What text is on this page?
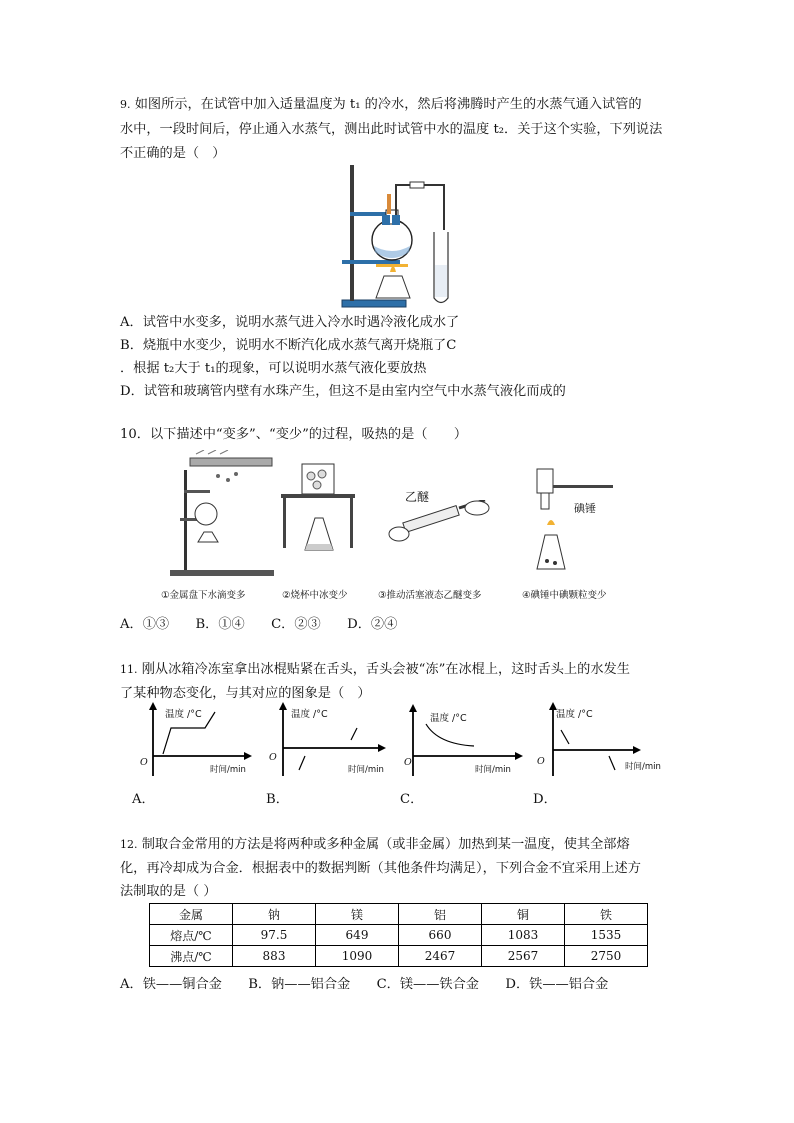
9. 如图所示，在试管中加入适量温度为 t₁ 的冷水，然后将沸腾时产生的水蒸气通入试管的
水中，一段时间后，停止通入水蒸气，测出此时试管中水的温度 t₂．关于这个实验，下列说法
不正确的是（　）
A．试管中水变多，说明水蒸气进入冷水时遇冷液化成水了
B．烧瓶中水变少，说明水不断汽化成水蒸气离开烧瓶了C
．根据 t₂大于 t₁的现象，可以说明水蒸气液化要放热
D．试管和玻璃管内壁有水珠产生，但这不是由室内空气中水蒸气液化而成的
10．以下描述中“变多”、“变少”的过程，吸热的是（　　）
乙醚
碘锤
①金属盘下水滴变多	②烧杯中冰变少	③推动活塞液态乙醚变多	④碘锤中碘颗粒变少
A．①③　　B．①④　　C．②③　　D．②④
11. 刚从冰箱冷冻室拿出冰棍贴紧在舌头，舌头会被“冻”在冰棍上，这时舌头上的水发生
了某种物态变化，与其对应的图象是（　）
温度 /°C
O
时间/min
温度 /°C
O
时间/min
温度 /°C
O
时间/min
温度 /°C
O	时间/min
A．	B．	C．	D．
12. 制取合金常用的方法是将两种或多种金属（或非金属）加热到某一温度，使其全部熔
化，再冷却成为合金．根据表中的数据判断（其他条件均满足），下列合金不宜采用上述方
法制取的是（ ）
金属	钠	镁	铝	铜	铁
熔点/℃	97.5	649	660	1083	1535
沸点/℃	883	1090	2467	2567	2750
A．铁——铜合金　　B．钠——铝合金　　C．镁——铁合金　　D．铁——铝合金
